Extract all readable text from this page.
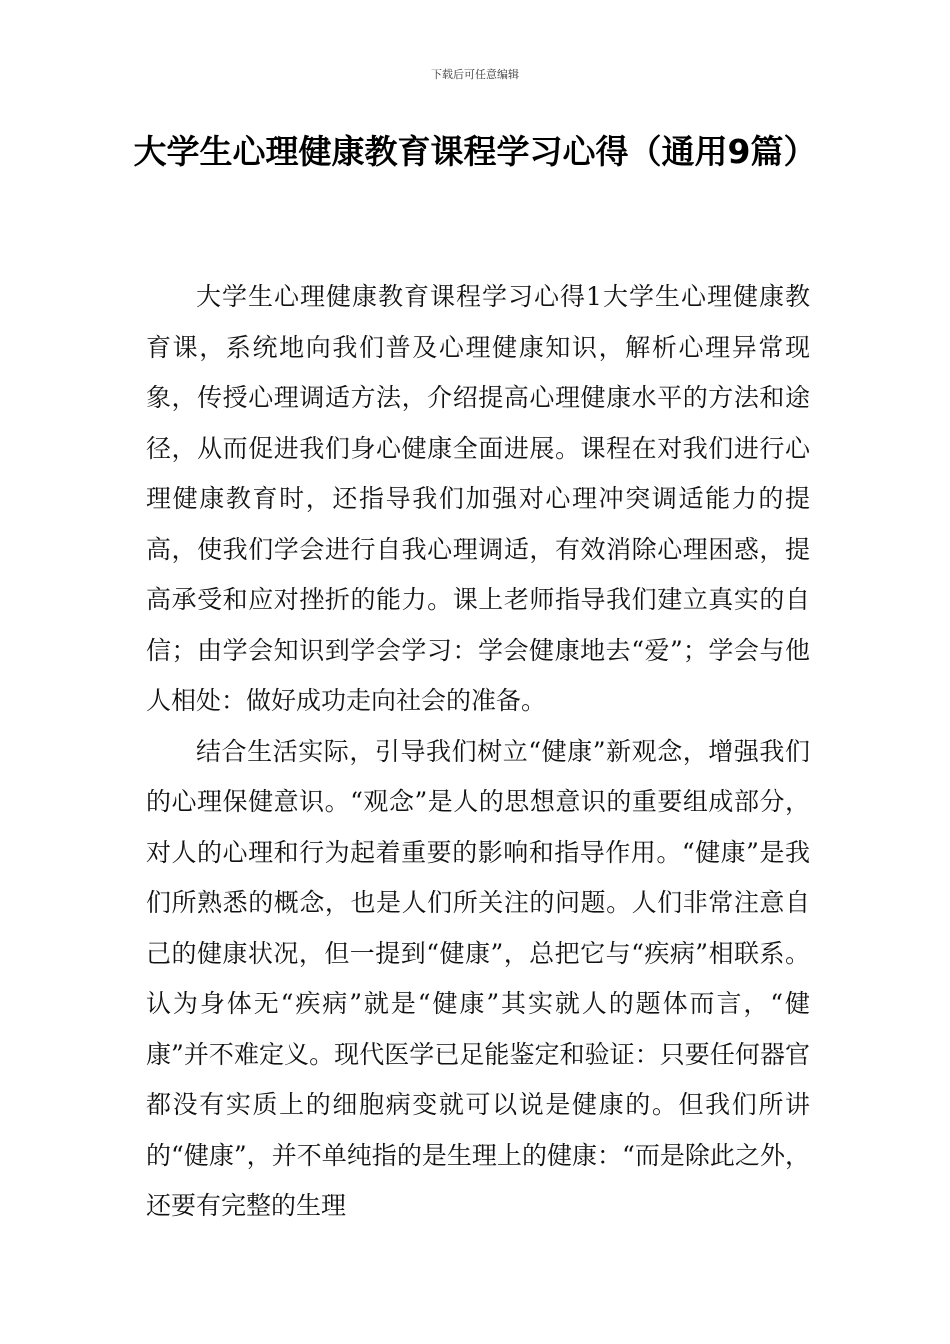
下载后可任意编辑
大学生心理健康教育课程学习心得（通用9篇）

大学生心理健康教育课程学习心得1大学生心理健康教育课，系统地向我们普及心理健康知识，解析心理异常现象，传授心理调适方法，介绍提高心理健康水平的方法和途径，从而促进我们身心健康全面进展。课程在对我们进行心理健康教育时，还指导我们加强对心理冲突调适能力的提高，使我们学会进行自我心理调适，有效消除心理困惑，提高承受和应对挫折的能力。课上老师指导我们建立真实的自信；由学会知识到学会学习：学会健康地去“爱”；学会与他人相处：做好成功走向社会的准备。

结合生活实际，引导我们树立“健康”新观念，增强我们的心理保健意识。“观念”是人的思想意识的重要组成部分，对人的心理和行为起着重要的影响和指导作用。“健康”是我们所熟悉的概念，也是人们所关注的问题。人们非常注意自己的健康状况，但一提到“健康”，总把它与“疾病”相联系。认为身体无“疾病”就是“健康”其实就人的题体而言，“健康”并不难定义。现代医学已足能鉴定和验证：只要任何器官都没有实质上的细胞病变就可以说是健康的。但我们所讲的“健康”，并不单纯指的是生理上的健康：“而是除此之外，还要有完整的生理
